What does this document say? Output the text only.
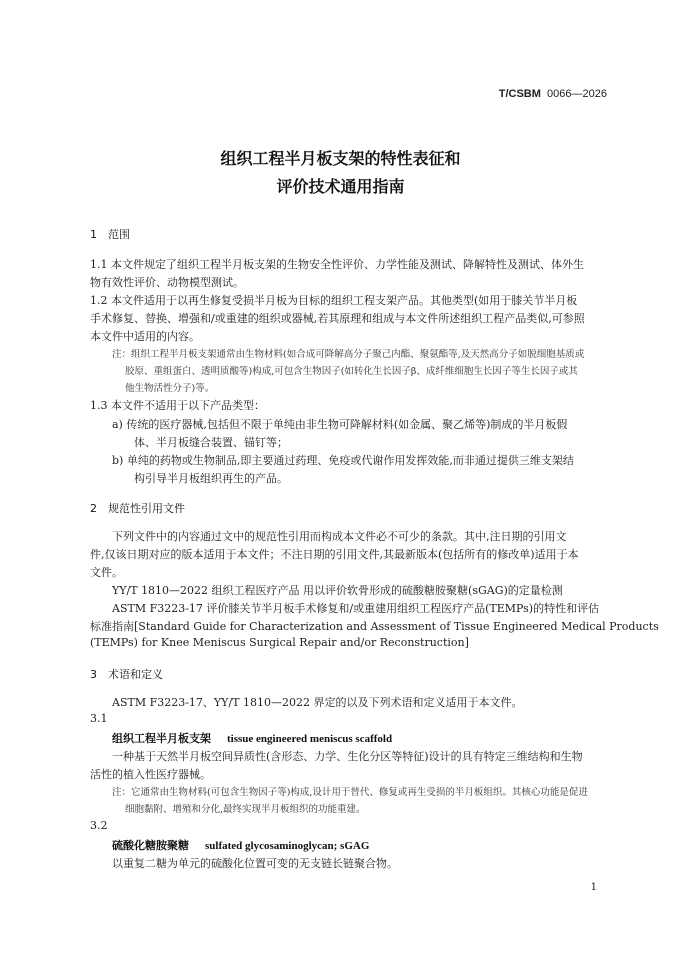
T/CSBM 0066—2026
组织工程半月板支架的特性表征和
评价技术通用指南
1 范围
1.1 本文件规定了组织工程半月板支架的生物安全性评价、力学性能及测试、降解特性及测试、体外生
物有效性评价、动物模型测试。
1.2 本文件适用于以再生修复受损半月板为目标的组织工程支架产品。其他类型(如用于膝关节半月板
手术修复、替换、增强和/或重建的组织或器械,若其原理和组成与本文件所述组织工程产品类似,可参照
本文件中适用的内容。
注：组织工程半月板支架通常由生物材料(如合成可降解高分子聚己内酯、聚氨酯等,及天然高分子如脱细胞基质或
胶原、重组蛋白、透明质酸等)构成,可包含生物因子(如转化生长因子β、成纤维细胞生长因子等生长因子或其
他生物活性分子)等。
1.3 本文件不适用于以下产品类型：
a) 传统的医疗器械,包括但不限于单纯由非生物可降解材料(如金属、聚乙烯等)制成的半月板假
体、半月板缝合装置、锚钉等；
b) 单纯的药物或生物制品,即主要通过药理、免疫或代谢作用发挥效能,而非通过提供三维支架结
构引导半月板组织再生的产品。
2 规范性引用文件
下列文件中的内容通过文中的规范性引用而构成本文件必不可少的条款。其中,注日期的引用文
件,仅该日期对应的版本适用于本文件；不注日期的引用文件,其最新版本(包括所有的修改单)适用于本
文件。
YY/T 1810—2022 组织工程医疗产品 用以评价软骨形成的硫酸糖胺聚糖(sGAG)的定量检测
ASTM F3223-17 评价膝关节半月板手术修复和/或重建用组织工程医疗产品(TEMPs)的特性和评估
标准指南[Standard Guide for Characterization and Assessment of Tissue Engineered Medical Products
(TEMPs) for Knee Meniscus Surgical Repair and/or Reconstruction]
3 术语和定义
ASTM F3223-17、YY/T 1810—2022 界定的以及下列术语和定义适用于本文件。
3.1
组织工程半月板支架 tissue engineered meniscus scaffold
一种基于天然半月板空间异质性(含形态、力学、生化分区等特征)设计的具有特定三维结构和生物
活性的植入性医疗器械。
注：它通常由生物材料(可包含生物因子等)构成,设计用于替代、修复或再生受损的半月板组织。其核心功能是促进
细胞黏附、增殖和分化,最终实现半月板组织的功能重建。
3.2
硫酸化糖胺聚糖 sulfated glycosaminoglycan; sGAG
以重复二糖为单元的硫酸化位置可变的无支链长链聚合物。
1
